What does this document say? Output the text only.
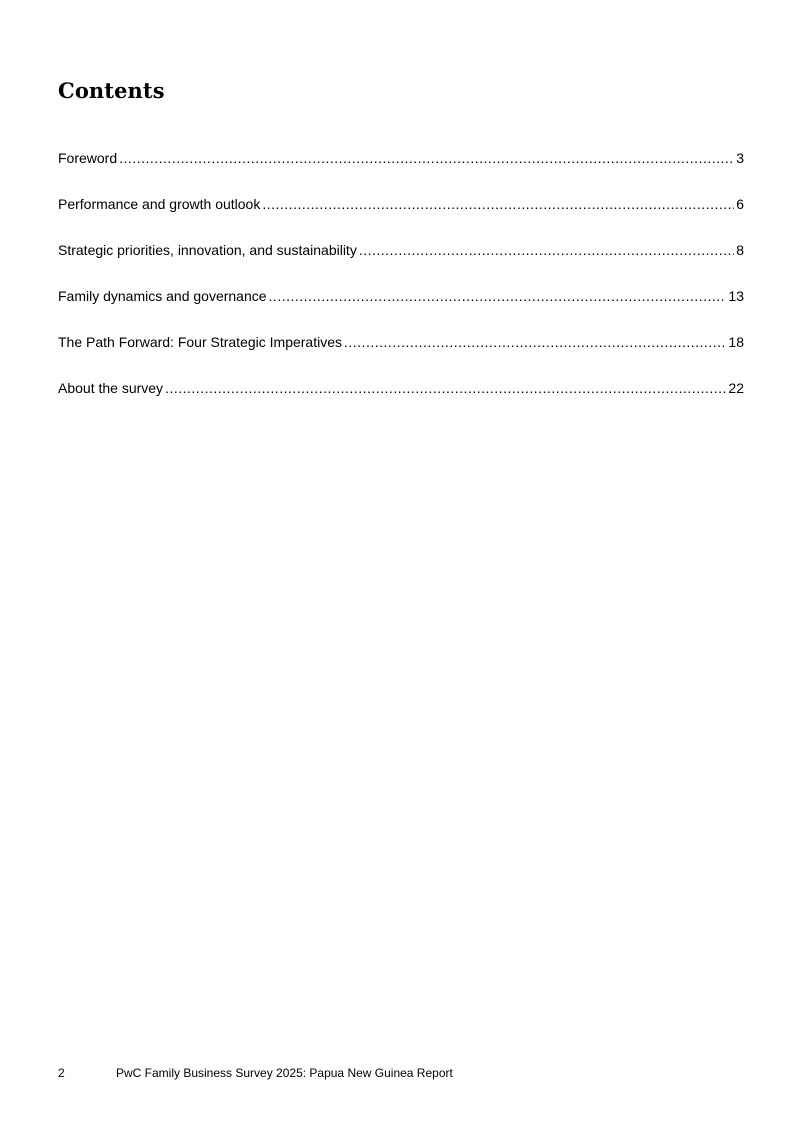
Contents
Foreword .....	3
Performance and growth outlook .....	6
Strategic priorities, innovation, and sustainability .....	8
Family dynamics and governance .....	13
The Path Forward: Four Strategic Imperatives .....	18
About the survey .....	22
2	PwC Family Business Survey 2025: Papua New Guinea Report
